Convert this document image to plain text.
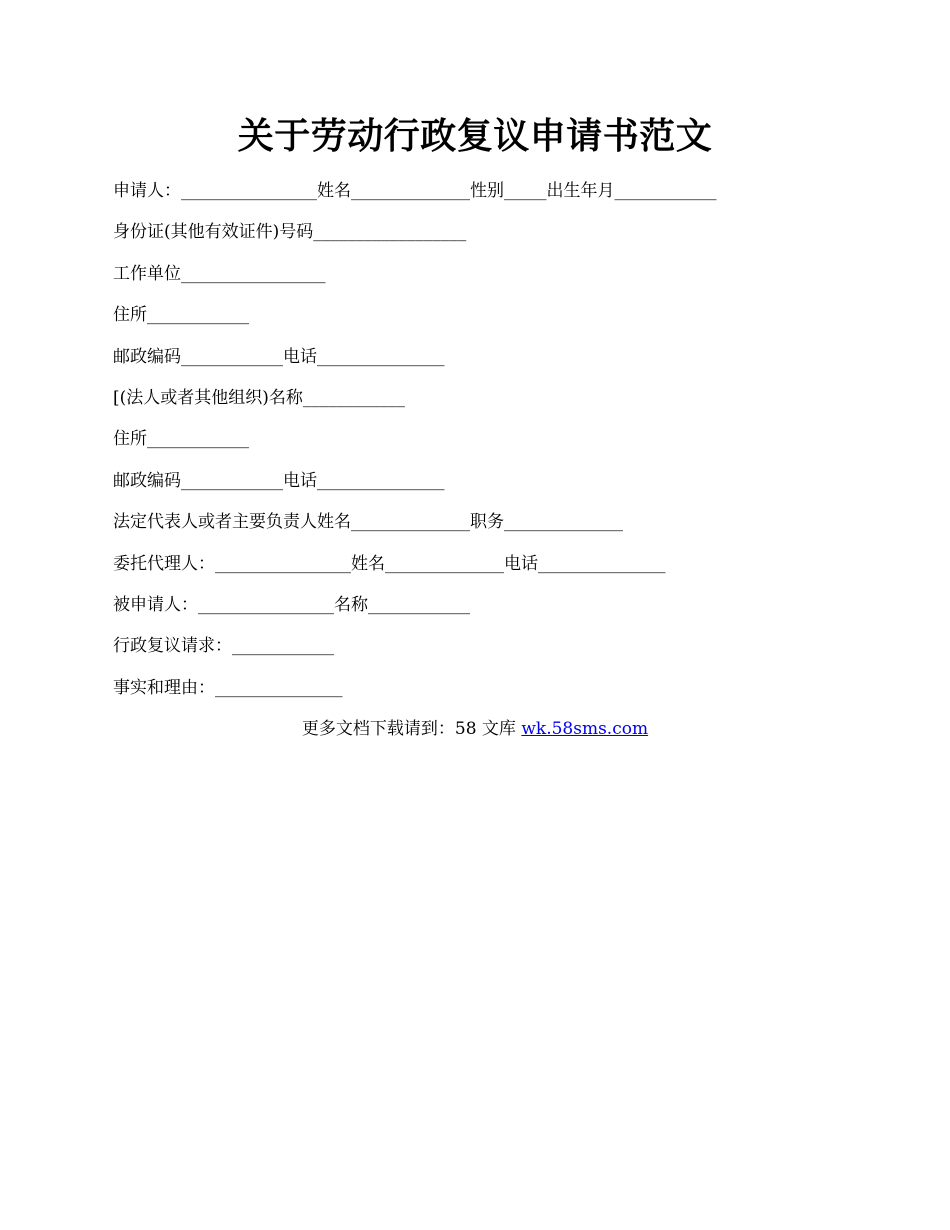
关于劳动行政复议申请书范文
申请人：________________姓名______________性别_____出生年月____________
身份证(其他有效证件)号码__________________
工作单位_________________
住所____________
邮政编码____________电话_______________
[(法人或者其他组织)名称____________
住所____________
邮政编码____________电话_______________
法定代表人或者主要负责人姓名______________职务______________
委托代理人：________________姓名______________电话_______________
被申请人：________________名称____________
行政复议请求：____________
事实和理由：_______________
更多文档下载请到：58 文库 wk.58sms.com
